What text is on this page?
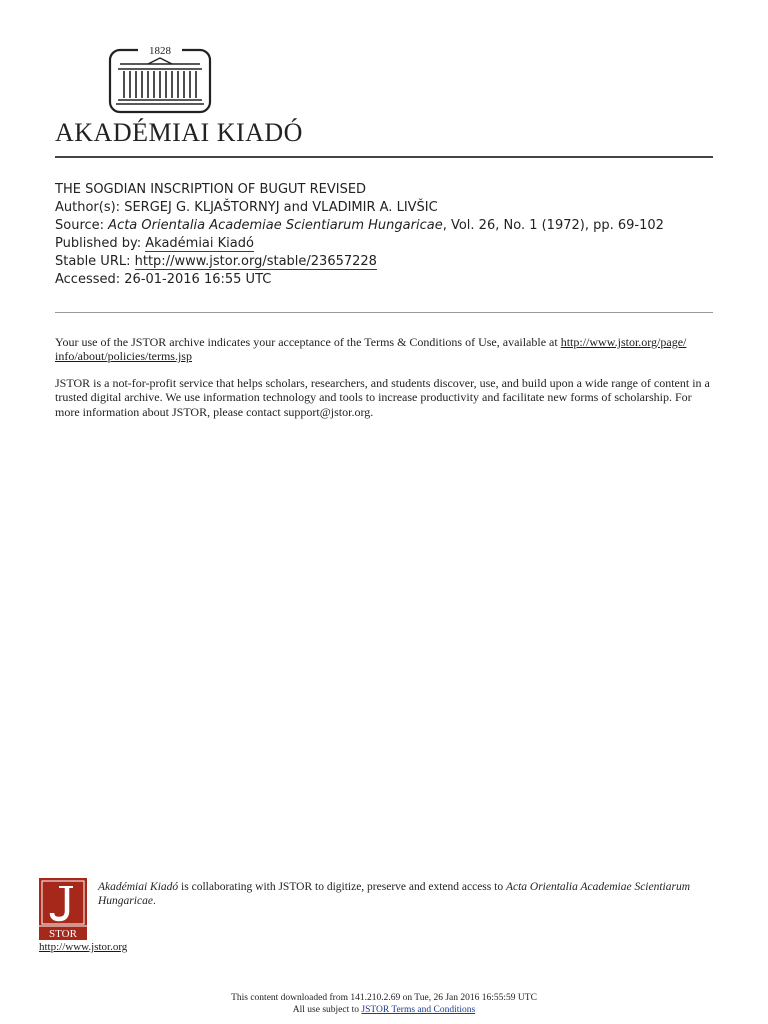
1828
AKADÉMIAI KIADÓ
THE SOGDIAN INSCRIPTION OF BUGUT REVISED
Author(s): SERGEJ G. KLJAŠTORNYJ and VLADIMIR A. LIVŠIC
Source: Acta Orientalia Academiae Scientiarum Hungaricae, Vol. 26, No. 1 (1972), pp. 69-102
Published by: Akadémiai Kiadó
Stable URL: http://www.jstor.org/stable/23657228
Accessed: 26-01-2016 16:55 UTC

Your use of the JSTOR archive indicates your acceptance of the Terms & Conditions of Use, available at http://www.jstor.org/page/
info/about/policies/terms.jsp

JSTOR is a not-for-profit service that helps scholars, researchers, and students discover, use, and build upon a wide range of content in a trusted digital archive. We use information technology and tools to increase productivity and facilitate new forms of scholarship. For more information about JSTOR, please contact support@jstor.org.

STOR
http://www.jstor.org
Akadémiai Kiadó is collaborating with JSTOR to digitize, preserve and extend access to Acta Orientalia Academiae Scientiarum Hungaricae.
This content downloaded from 141.210.2.69 on Tue, 26 Jan 2016 16:55:59 UTC
All use subject to JSTOR Terms and Conditions
